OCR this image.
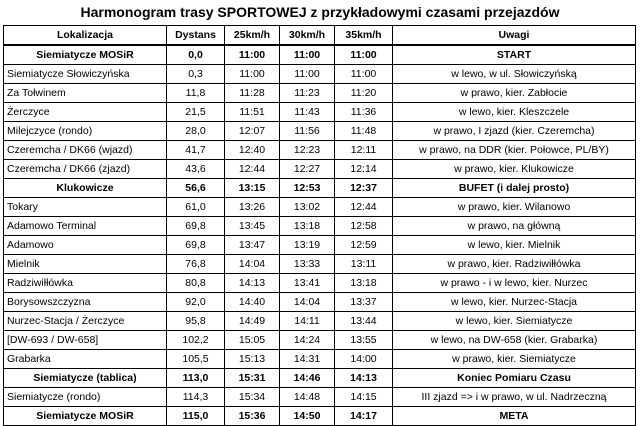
Harmonogram trasy SPORTOWEJ z przykładowymi czasami przejazdów
Lokalizacja	Dystans	25km/h	30km/h	35km/h	Uwagi
Siemiatycze MOSiR	0,0	11:00	11:00	11:00	START
Siemiatycze Słowiczyńska	0,3	11:00	11:00	11:00	w lewo, w ul. Słowiczyńską
Za Tołwinem	11,8	11:28	11:23	11:20	w prawo, kier. Zabłocie
Żerczyce	21,5	11:51	11:43	11:36	w lewo, kier. Kleszczele
Milejczyce (rondo)	28,0	12:07	11:56	11:48	w prawo, I zjazd (kier. Czeremcha)
Czeremcha / DK66 (wjazd)	41,7	12:40	12:23	12:11	w prawo, na DDR (kier. Połowce, PL/BY)
Czeremcha / DK66 (zjazd)	43,6	12:44	12:27	12:14	w prawo, kier. Klukowicze
Klukowicze	56,6	13:15	12:53	12:37	BUFET (i dalej prosto)
Tokary	61,0	13:26	13:02	12:44	w prawo, kier. Wilanowo
Adamowo Terminal	69,8	13:45	13:18	12:58	w prawo, na główną
Adamowo	69,8	13:47	13:19	12:59	w lewo, kier. Mielnik
Mielnik	76,8	14:04	13:33	13:11	w prawo, kier. Radziwiłłówka
Radziwiłłówka	80,8	14:13	13:41	13:18	w prawo - i w lewo, kier. Nurzec
Borysowszczyzna	92,0	14:40	14:04	13:37	w lewo, kier. Nurzec-Stacja
Nurzec-Stacja / Żerczyce	95,8	14:49	14:11	13:44	w lewo, kier. Siemiatycze
[DW-693 / DW-658]	102,2	15:05	14:24	13:55	w lewo, na DW-658 (kier. Grabarka)
Grabarka	105,5	15:13	14:31	14:00	w prawo, kier. Siemiatycze
Siemiatycze (tablica)	113,0	15:31	14:46	14:13	Koniec Pomiaru Czasu
Siemiatycze (rondo)	114,3	15:34	14:48	14:15	III zjazd => i w prawo, w ul. Nadrzeczną
Siemiatycze MOSiR	115,0	15:36	14:50	14:17	META
